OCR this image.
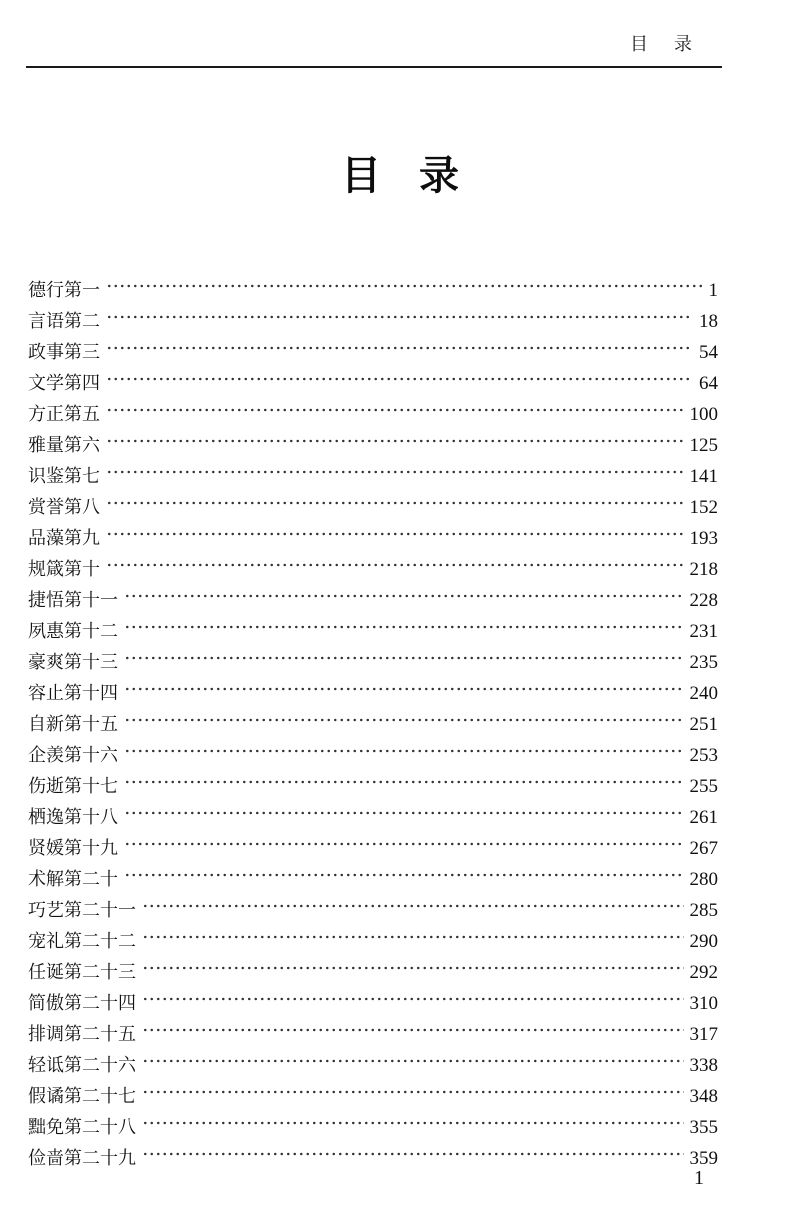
目录
目录
德行第一	1
言语第二	18
政事第三	54
文学第四	64
方正第五	100
雅量第六	125
识鉴第七	141
赏誉第八	152
品藻第九	193
规箴第十	218
捷悟第十一	228
夙惠第十二	231
豪爽第十三	235
容止第十四	240
自新第十五	251
企羡第十六	253
伤逝第十七	255
栖逸第十八	261
贤媛第十九	267
术解第二十	280
巧艺第二十一	285
宠礼第二十二	290
任诞第二十三	292
简傲第二十四	310
排调第二十五	317
轻诋第二十六	338
假谲第二十七	348
黜免第二十八	355
俭啬第二十九	359
1
